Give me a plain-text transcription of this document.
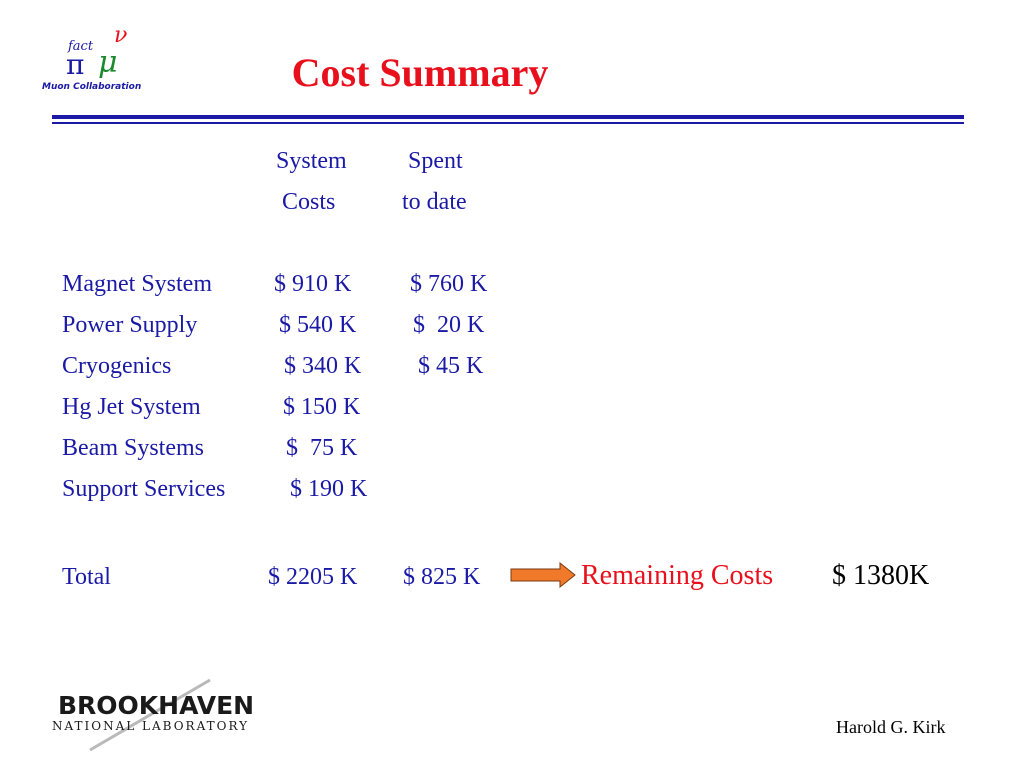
ν
fact
π μ
Muon Collaboration	Cost Summary
System
Costs
Spent
to date
Magnet System	$ 910 K $ 760 K
Power Supply	$ 540 K $  20 K
Cryogenics	$ 340 K $ 45 K
Hg Jet System	$ 150 K
Beam Systems	$  75 K
Support Services	$ 190 K
Total	$ 2205 K $ 825 K	Remaining Costs $ 1380K
BROOKHAVEN
NATIONAL LABORATORY	Harold G. Kirk
